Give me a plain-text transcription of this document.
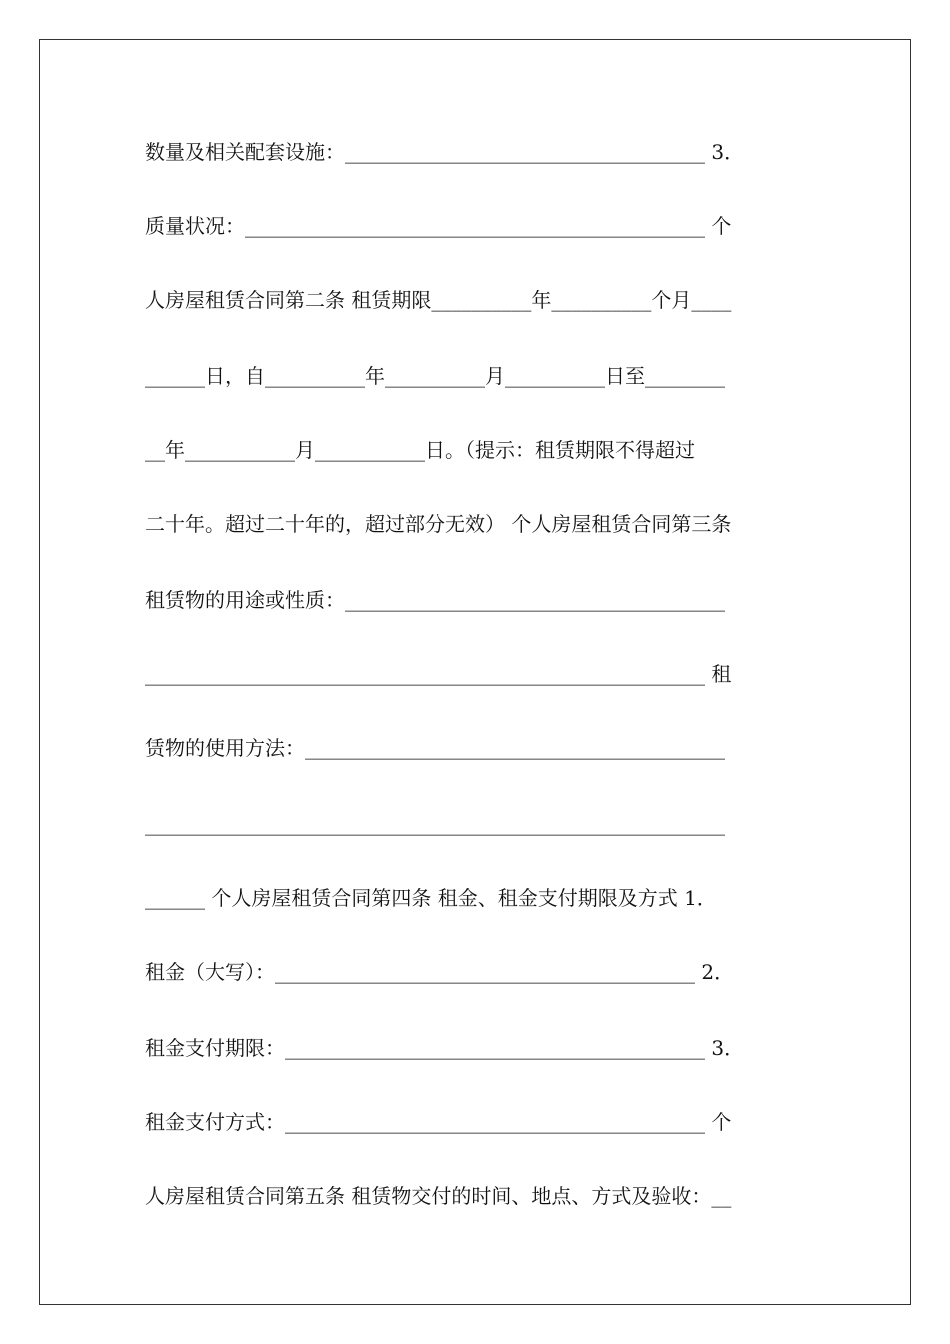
数量及相关配套设施：____________________________________ 3．
质量状况：______________________________________________ 个
人房屋租赁合同第二条 租赁期限__________年__________个月____
______日，自__________年__________月__________日至________
__年___________月___________日。（提示：租赁期限不得超过
二十年。超过二十年的，超过部分无效） 个人房屋租赁合同第三条
租赁物的用途或性质：______________________________________
________________________________________________________ 租
赁物的使用方法：__________________________________________
__________________________________________________________
______ 个人房屋租赁合同第四条 租金、租金支付期限及方式 1．
租金（大写）：__________________________________________ 2．
租金支付期限：__________________________________________ 3．
租金支付方式：__________________________________________ 个
人房屋租赁合同第五条 租赁物交付的时间、地点、方式及验收：__
